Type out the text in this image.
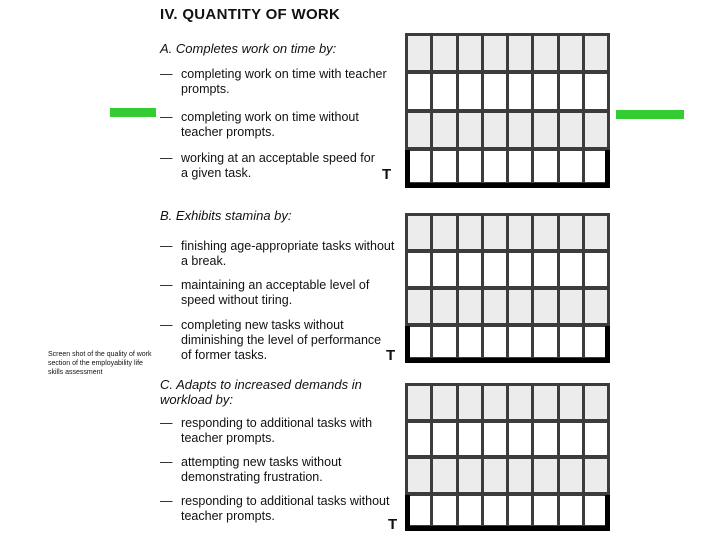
IV. QUANTITY OF WORK
A. Completes work on time by:
— completing work on time with teacher prompts.
— completing work on time without teacher prompts.
— working at an acceptable speed for a given task.	T
B. Exhibits stamina by:
— finishing age-appropriate tasks without a break.
— maintaining an acceptable level of speed without tiring.
— completing new tasks without diminishing the level of performance of former tasks.	T
C. Adapts to increased demands in workload by:
— responding to additional tasks with teacher prompts.
— attempting new tasks without demonstrating frustration.
— responding to additional tasks without teacher prompts.	T
Screen shot of the quality of work section of the employability life skills assessment
